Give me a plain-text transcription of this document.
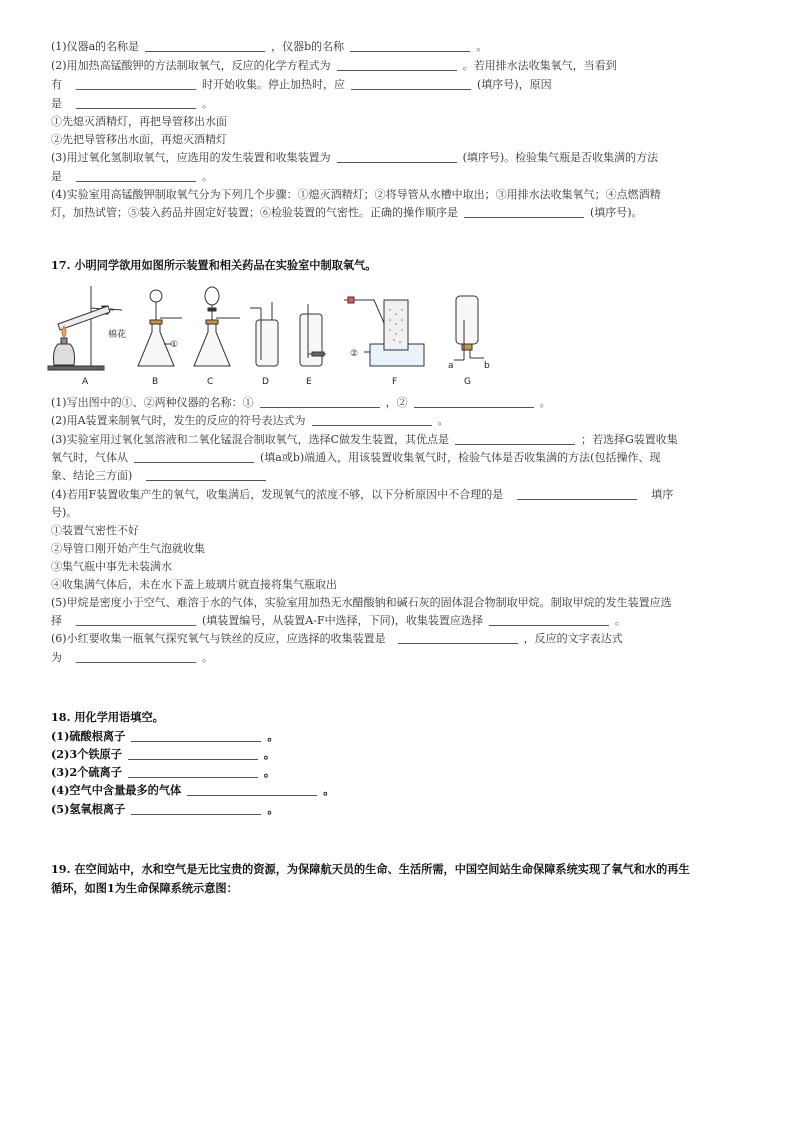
(1)仪器a的名称是	，仪器b的名称	。
(2)用加热高锰酸钾的方法制取氧气，反应的化学方程式为	。若用排水法收集氧气，当看到
有	时开始收集。停止加热时，应	(填序号)，原因
是	。
①先熄灭酒精灯，再把导管移出水面
②先把导管移出水面，再熄灭酒精灯
(3)用过氧化氢制取氧气，应选用的发生装置和收集装置为	(填序号)。检验集气瓶是否收集满的方法
是	。
(4)实验室用高锰酸钾制取氧气分为下列几个步骤：①熄灭酒精灯；②将导管从水槽中取出；③用排水法收集氧气；④点燃酒精
灯，加热试管；⑤装入药品并固定好装置；⑥检验装置的气密性。正确的操作顺序是	(填序号)。
17. 小明同学欲用如图所示装置和相关药品在实验室中制取氧气。
棉花
①
②
a	b
A	B	C	D	E	F	G
(1)写出图中的①、②两种仪器的名称：①	，②	。
(2)用A装置来制氧气时，发生的反应的符号表达式为	。
(3)实验室用过氧化氢溶液和二氧化锰混合制取氧气，选择C做发生装置，其优点是	；若选择G装置收集
氧气时，气体从	(填a或b)端通入，用该装置收集氧气时，检验气体是否收集满的方法(包括操作、现
象、结论三方面)
(4)若用F装置收集产生的氧气，收集满后，发现氧气的浓度不够，以下分析原因中不合理的是	填序
号)。
①装置气密性不好
②导管口刚开始产生气泡就收集
③集气瓶中事先未装满水
④收集满气体后，未在水下盖上玻璃片就直接将集气瓶取出
(5)甲烷是密度小于空气、难溶于水的气体，实验室用加热无水醋酸钠和碱石灰的固体混合物制取甲烷。制取甲烷的发生装置应选
择	(填装置编号，从装置A-F中选择，下同)，收集装置应选择	。
(6)小红要收集一瓶氧气探究氧气与铁丝的反应，应选择的收集装置是	，反应的文字表达式
为	。
18. 用化学用语填空。
(1)硫酸根离子	。
(2)3个铁原子	。
(3)2个硫离子	。
(4)空气中含量最多的气体	。
(5)氢氧根离子	。
19. 在空间站中，水和空气是无比宝贵的资源，为保障航天员的生命、生活所需，中国空间站生命保障系统实现了氧气和水的再生
循环，如图1为生命保障系统示意图：
